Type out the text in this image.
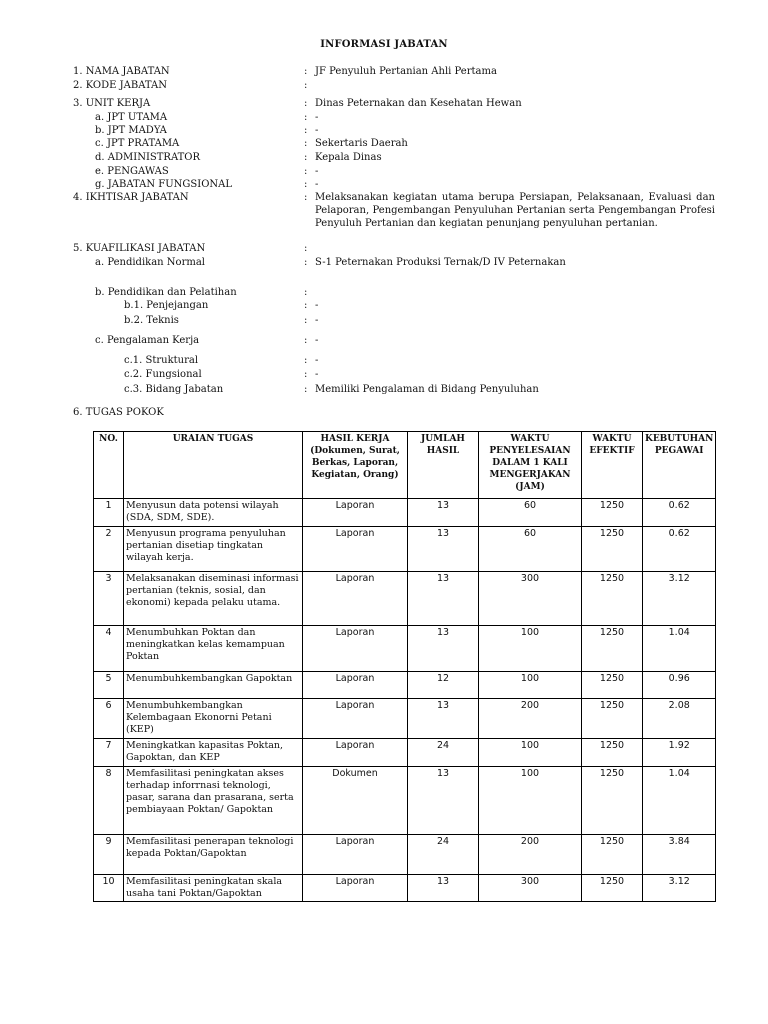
INFORMASI JABATAN
1. NAMA JABATAN	: JF Penyuluh Pertanian Ahli Pertama
2. KODE JABATAN	:
3. UNIT KERJA	: Dinas Peternakan dan Kesehatan Hewan
a. JPT UTAMA	: -
b. JPT MADYA	: -
c. JPT PRATAMA	: Sekertaris Daerah
d. ADMINISTRATOR	: Kepala Dinas
e. PENGAWAS	: -
g. JABATAN FUNGSIONAL	: -
4. IKHTISAR JABATAN	: Melaksanakan kegiatan utama berupa Persiapan, Pelaksanaan, Evaluasi dan Pelaporan, Pengembangan Penyuluhan Pertanian serta Pengembangan Profesi Penyuluh Pertanian dan kegiatan penunjang penyuluhan pertanian.
5. KUAFILIKASI JABATAN	:
a. Pendidikan Normal	: S-1 Peternakan Produksi Ternak/D IV Peternakan
b. Pendidikan dan Pelatihan	:
b.1. Penjejangan	: -
b.2. Teknis	: -
c. Pengalaman Kerja	: -
c.1. Struktural	: -
c.2. Fungsional	: -
c.3. Bidang Jabatan	: Memiliki Pengalaman di Bidang Penyuluhan
6. TUGAS POKOK
NO.	URAIAN TUGAS	HASIL KERJA (Dokumen, Surat, Berkas, Laporan, Kegiatan, Orang)	JUMLAH HASIL	WAKTU PENYELESAIAN DALAM 1 KALI MENGERJAKAN (JAM)	WAKTU EFEKTIF	KEBUTUHAN PEGAWAI
1	Menyusun data potensi wilayah (SDA, SDM, SDE).	Laporan	13	60	1250	0.62
2	Menyusun programa penyuluhan pertanian disetiap tingkatan wilayah kerja.	Laporan	13	60	1250	0.62
3	Melaksanakan diseminasi informasi pertanian (teknis, sosial, dan ekonomi) kepada pelaku utama.	Laporan	13	300	1250	3.12
4	Menumbuhkan Poktan dan meningkatkan kelas kemampuan Poktan	Laporan	13	100	1250	1.04
5	Menumbuhkembangkan Gapoktan	Laporan	12	100	1250	0.96
6	Menumbuhkembangkan Kelembagaan Ekonorni Petani (KEP)	Laporan	13	200	1250	2.08
7	Meningkatkan kapasitas Poktan, Gapoktan, dan KEP	Laporan	24	100	1250	1.92
8	Memfasilitasi peningkatan akses terhadap inforrnasi teknologi, pasar, sarana dan prasarana, serta pembiayaan Poktan/ Gapoktan	Dokumen	13	100	1250	1.04
9	Memfasilitasi penerapan teknologi kepada Poktan/Gapoktan	Laporan	24	200	1250	3.84
10	Memfasilitasi peningkatan skala usaha tani Poktan/Gapoktan	Laporan	13	300	1250	3.12
